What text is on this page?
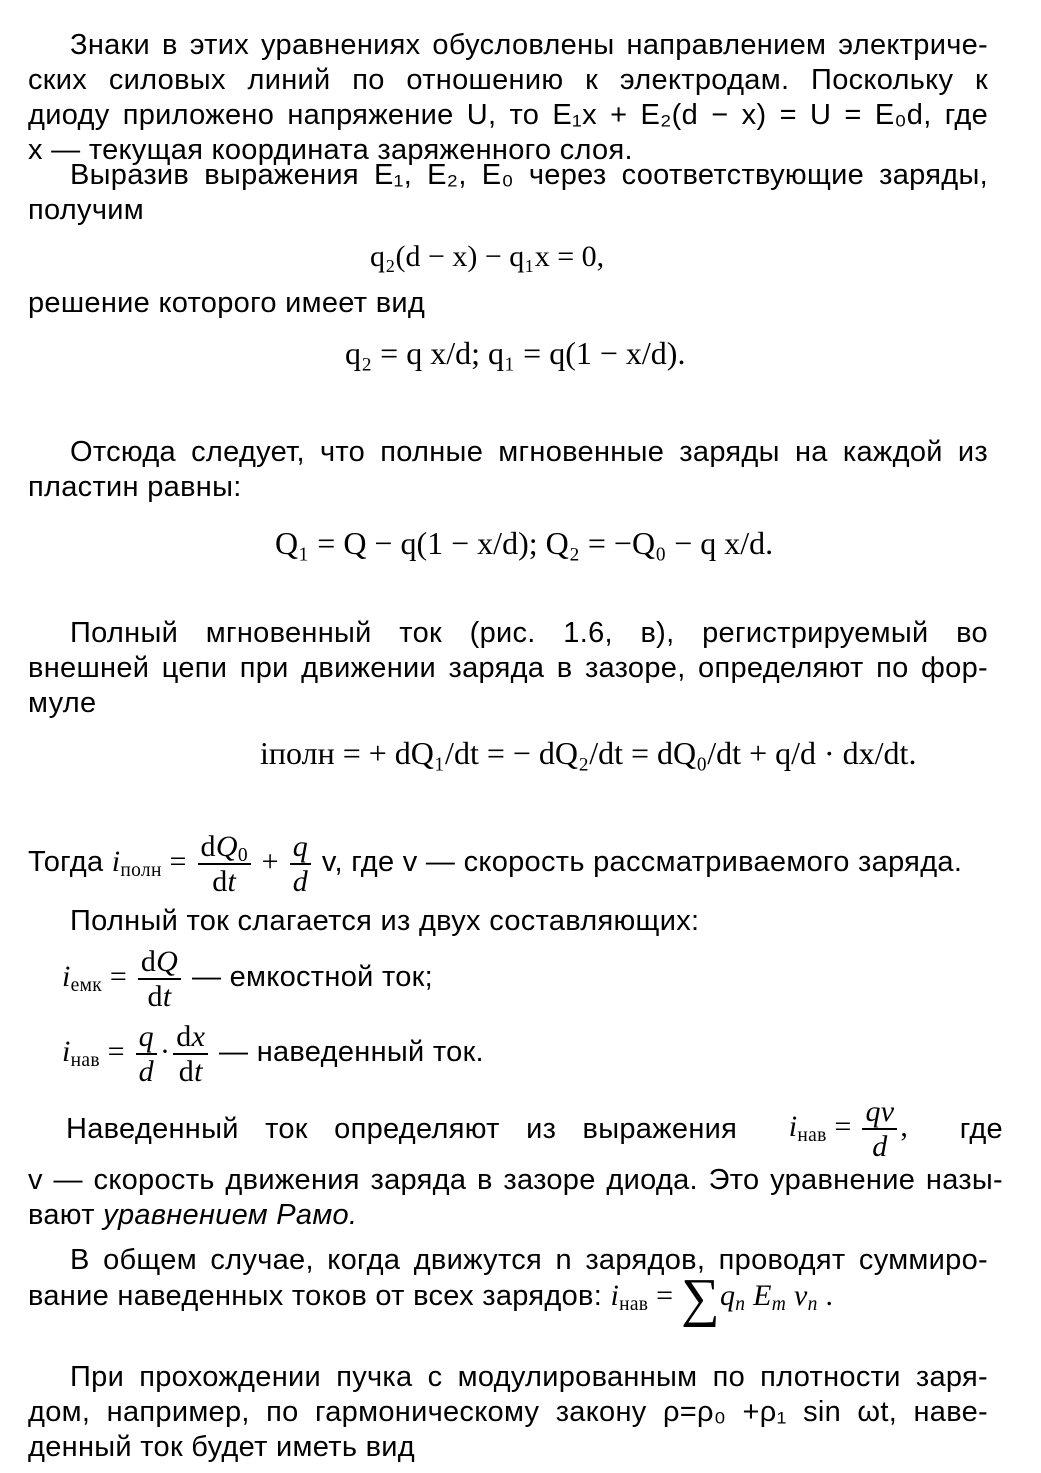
Знаки в этих уравнениях обусловлены направлением электриче-
ских силовых линий по отношению к электродам. Поскольку к
диоду приложено напряжение U, то E₁x + E₂(d − x) = U = E₀d, где
x — текущая координата заряженного слоя.
Выразив выражения E₁, E₂, E₀ через соответствующие заряды,
получим
q₂(d − x) − q₁x = 0,
решение которого имеет вид
q₂ = q x/d; q₁ = q(1 − x/d).
Отсюда следует, что полные мгновенные заряды на каждой из
пластин равны:
Q₁ = Q − q(1 − x/d); Q₂ = −Q₀ − q x/d.
Полный мгновенный ток (рис. 1.6, в), регистрируемый во
внешней цепи при движении заряда в зазоре, определяют по фор-
муле
iполн = + dQ₁/dt = − dQ₂/dt = dQ₀/dt + q/d · dx/dt.
Тогда $i_{полн} = \frac{dQ_0}{dt} + \frac{q}{d} v$, где v — скорость рассматриваемого заряда.
Полный ток слагается из двух составляющих:
$i_{емк} = \frac{dQ}{dt}$ — емкостной ток;
$i_{нав} = \frac{q}{d} \cdot \frac{dx}{dt}$ — наведенный ток.
Наведенный ток определяют из выражения $i_{нав} = \frac{qv}{d}$ , где
v — скорость движения заряда в зазоре диода. Это уравнение назы-
вают уравнением Рамо.
В общем случае, когда движутся n зарядов, проводят суммиро-
вание наведенных токов от всех зарядов: $i_{нав} = \sum q_n$ $E_m$ $v_n$ .
При прохождении пучка с модулированным по плотности заря-
дом, например, по гармоническому закону ρ=ρ₀ +ρ₁ sin ωt, наве-
денный ток будет иметь вид
